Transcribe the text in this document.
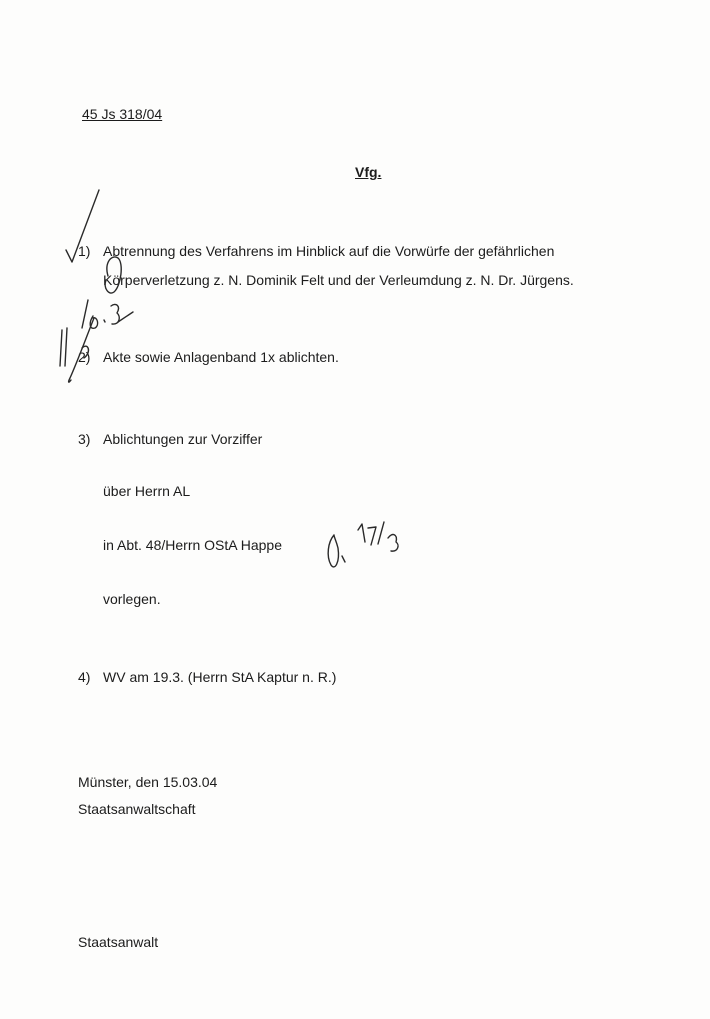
45 Js 318/04
Vfg.
1) Abtrennung des Verfahrens im Hinblick auf die Vorwürfe der gefährlichen
Körperverletzung z. N. Dominik Felt und der Verleumdung z. N. Dr. Jürgens.
2) Akte sowie Anlagenband 1x ablichten.
3) Ablichtungen zur Vorziffer
über Herrn AL
in Abt. 48/Herrn OStA Happe
vorlegen.
4) WV am 19.3. (Herrn StA Kaptur n. R.)
Münster, den 15.03.04
Staatsanwaltschaft
Staatsanwalt
